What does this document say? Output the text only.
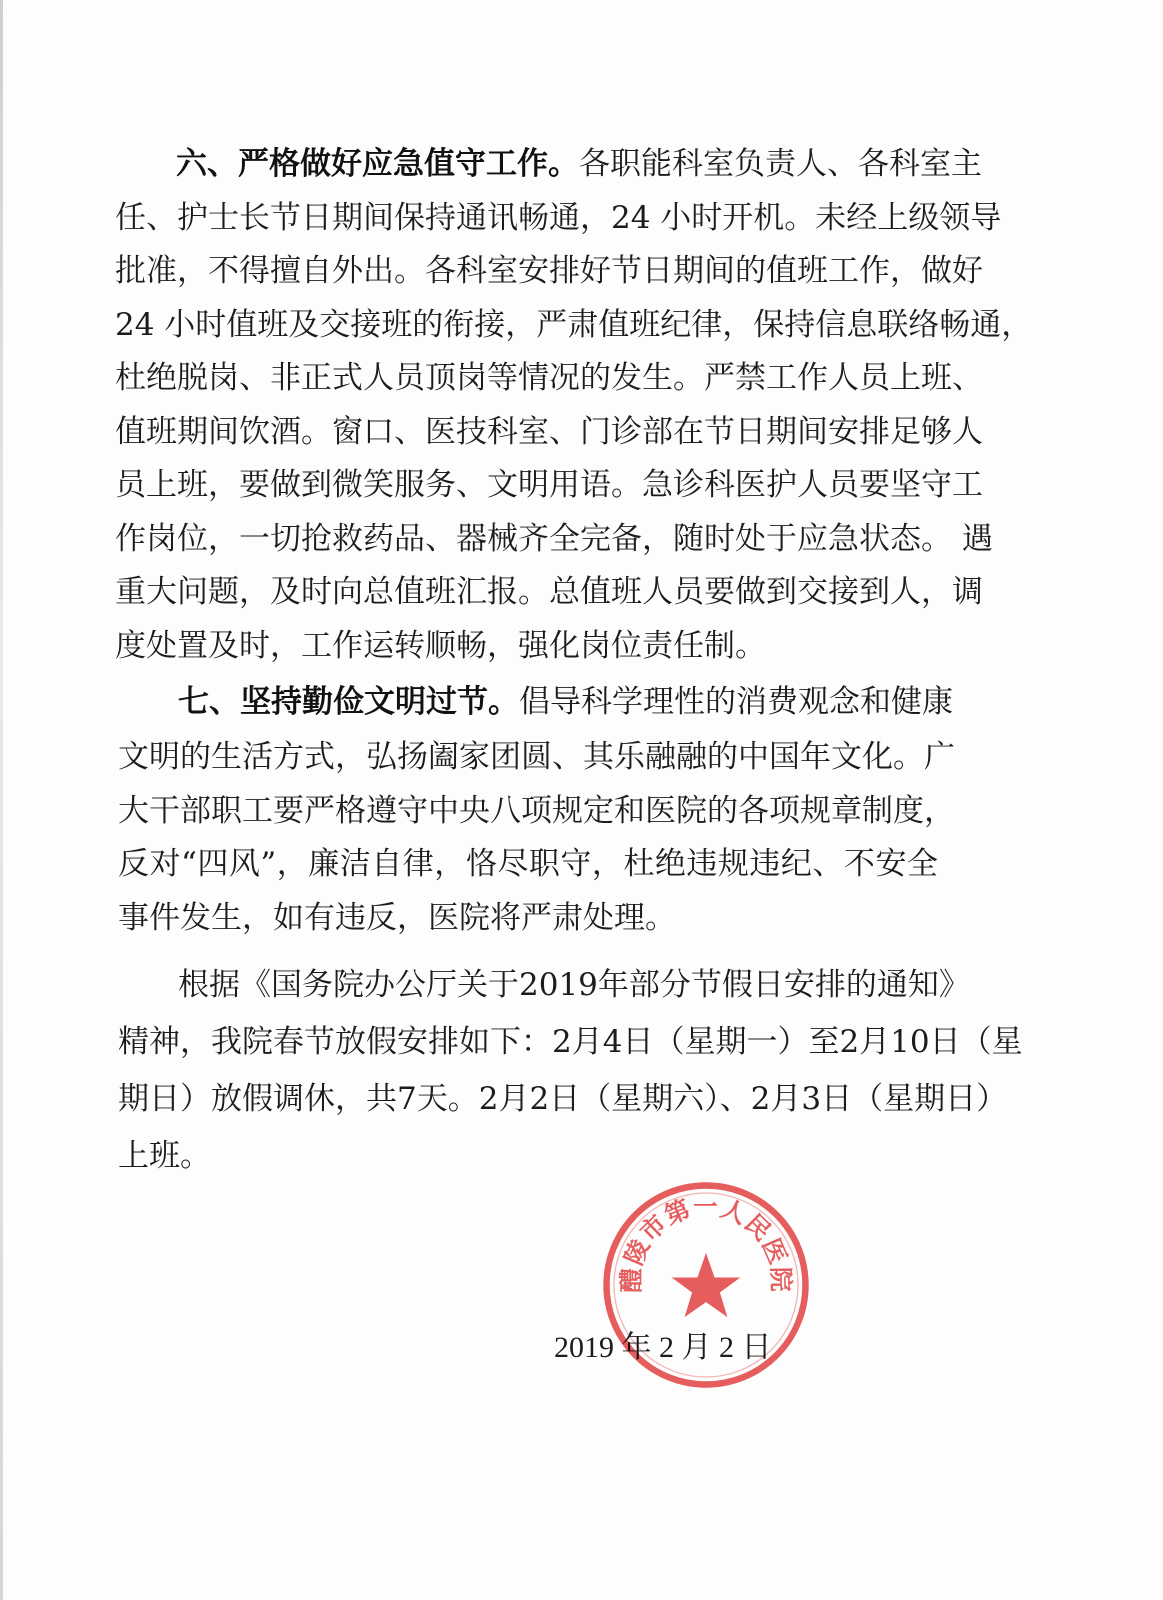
六、严格做好应急值守工作。各职能科室负责人、各科室主
任、护士长节日期间保持通讯畅通，24 小时开机。未经上级领导
批准，不得擅自外出。各科室安排好节日期间的值班工作，做好
24 小时值班及交接班的衔接，严肃值班纪律，保持信息联络畅通，
杜绝脱岗、非正式人员顶岗等情况的发生。严禁工作人员上班、
值班期间饮酒。窗口、医技科室、门诊部在节日期间安排足够人
员上班，要做到微笑服务、文明用语。急诊科医护人员要坚守工
作岗位，一切抢救药品、器械齐全完备，随时处于应急状态。 遇
重大问题，及时向总值班汇报。总值班人员要做到交接到人，调
度处置及时，工作运转顺畅，强化岗位责任制。
七、坚持勤俭文明过节。倡导科学理性的消费观念和健康
文明的生活方式，弘扬阖家团圆、其乐融融的中国年文化。广
大干部职工要严格遵守中央八项规定和医院的各项规章制度，
反对“四风”，廉洁自律，恪尽职守，杜绝违规违纪、不安全
事件发生，如有违反，医院将严肃处理。
根据《国务院办公厅关于2019年部分节假日安排的通知》
精神，我院春节放假安排如下：2月4日（星期一）至2月10日（星
期日）放假调休，共7天。2月2日（星期六）、2月3日（星期日）
上班。
2019 年 2 月 2 日
醴陵市第一人民医院
